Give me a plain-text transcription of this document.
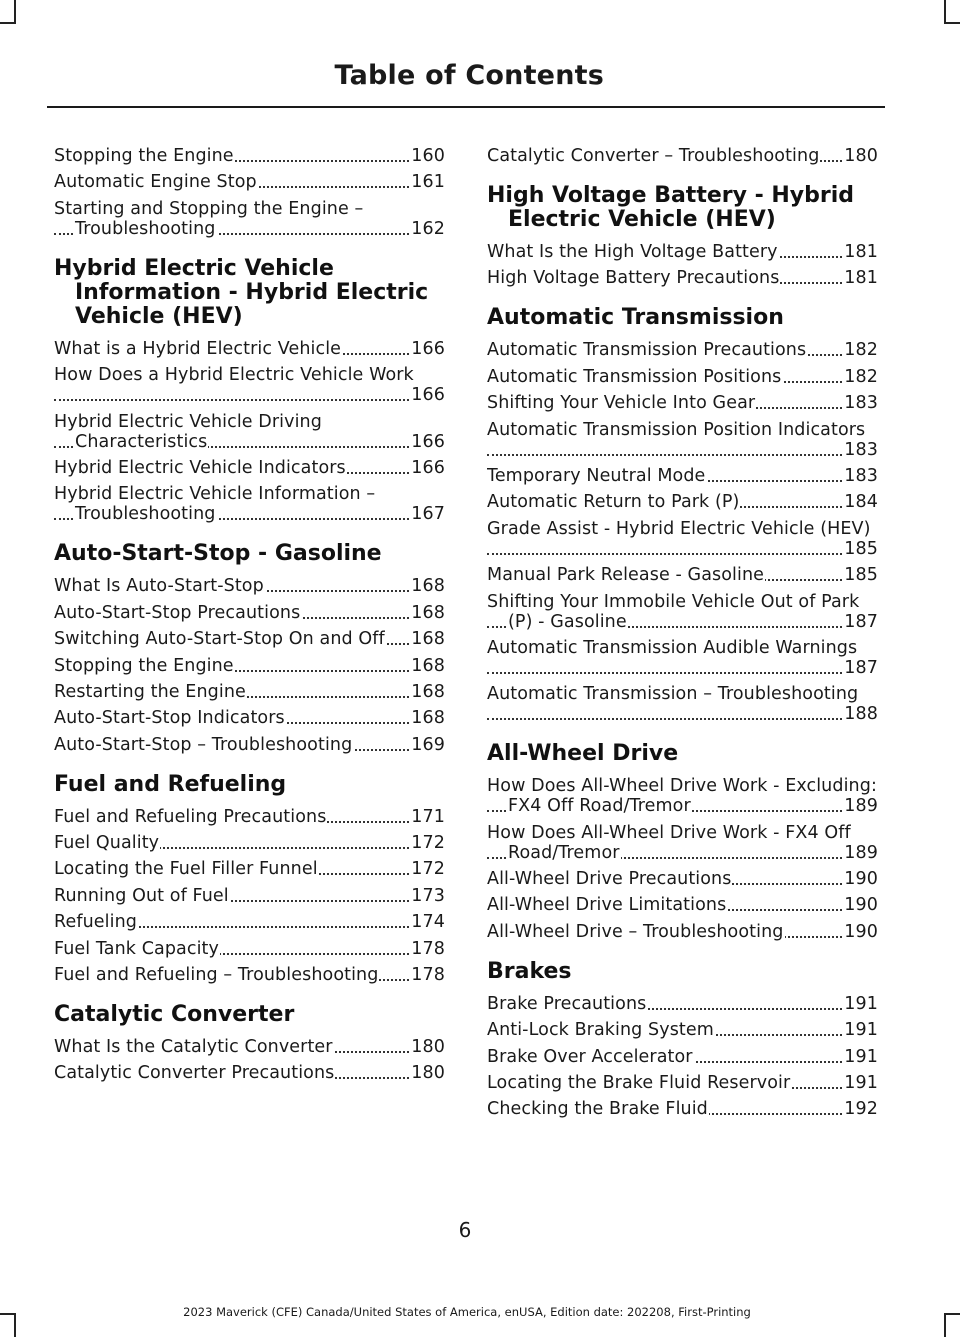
Table of Contents
Stopping the Engine	160
Automatic Engine Stop	161
Starting and Stopping the Engine – Troubleshooting	162
Hybrid Electric Vehicle Information - Hybrid Electric Vehicle (HEV)
What is a Hybrid Electric Vehicle	166
How Does a Hybrid Electric Vehicle Work
166
Hybrid Electric Vehicle Driving Characteristics	166
Hybrid Electric Vehicle Indicators	166
Hybrid Electric Vehicle Information – Troubleshooting	167
Auto-Start-Stop - Gasoline
What Is Auto-Start-Stop	168
Auto-Start-Stop Precautions	168
Switching Auto-Start-Stop On and Off 168
Stopping the Engine	168
Restarting the Engine	168
Auto-Start-Stop Indicators	168
Auto-Start-Stop – Troubleshooting	169
Fuel and Refueling
Fuel and Refueling Precautions	171
Fuel Quality	172
Locating the Fuel Filler Funnel	172
Running Out of Fuel	173
Refueling	174
Fuel Tank Capacity	178
Fuel and Refueling – Troubleshooting 178
Catalytic Converter
What Is the Catalytic Converter	180
Catalytic Converter Precautions	180
Catalytic Converter – Troubleshooting 180
High Voltage Battery - Hybrid Electric Vehicle (HEV)
What Is the High Voltage Battery	181
High Voltage Battery Precautions	181
Automatic Transmission
Automatic Transmission Precautions 182
Automatic Transmission Positions	182
Shifting Your Vehicle Into Gear	183
Automatic Transmission Position Indicators
183
Temporary Neutral Mode	183
Automatic Return to Park (P)	184
Grade Assist - Hybrid Electric Vehicle (HEV)
185
Manual Park Release - Gasoline	185
Shifting Your Immobile Vehicle Out of Park (P) - Gasoline	187
Automatic Transmission Audible Warnings
187
Automatic Transmission – Troubleshooting
188
All-Wheel Drive
How Does All-Wheel Drive Work - Excluding: FX4 Off Road/Tremor	189
How Does All-Wheel Drive Work - FX4 Off Road/Tremor	189
All-Wheel Drive Precautions	190
All-Wheel Drive Limitations	190
All-Wheel Drive – Troubleshooting	190
Brakes
Brake Precautions	191
Anti-Lock Braking System	191
Brake Over Accelerator	191
Locating the Brake Fluid Reservoir	191
Checking the Brake Fluid	192
6
2023 Maverick (CFE) Canada/United States of America, enUSA, Edition date: 202208, First-Printing
